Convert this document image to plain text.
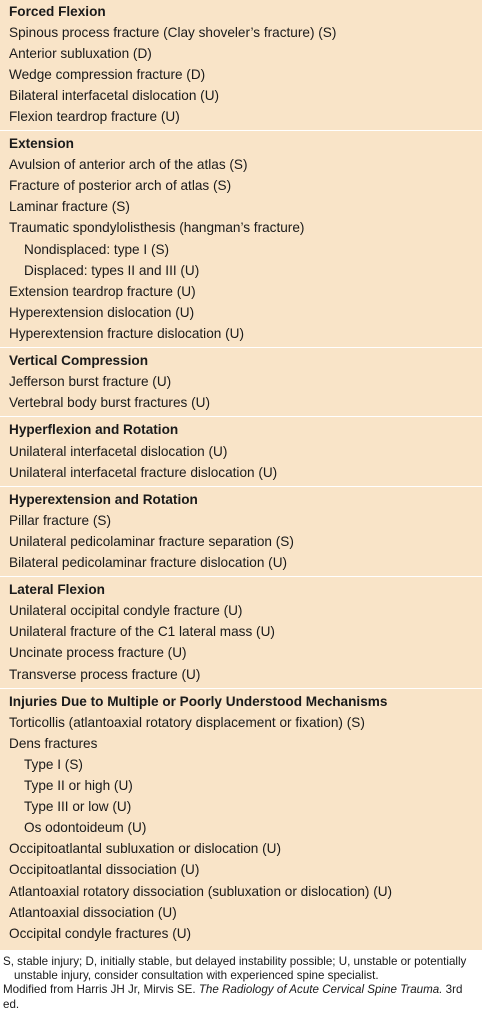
Forced Flexion
Spinous process fracture (Clay shoveler’s fracture) (S)
Anterior subluxation (D)
Wedge compression fracture (D)
Bilateral interfacetal dislocation (U)
Flexion teardrop fracture (U)
Extension
Avulsion of anterior arch of the atlas (S)
Fracture of posterior arch of atlas (S)
Laminar fracture (S)
Traumatic spondylolisthesis (hangman’s fracture)
Nondisplaced: type I (S)
Displaced: types II and III (U)
Extension teardrop fracture (U)
Hyperextension dislocation (U)
Hyperextension fracture dislocation (U)
Vertical Compression
Jefferson burst fracture (U)
Vertebral body burst fractures (U)
Hyperflexion and Rotation
Unilateral interfacetal dislocation (U)
Unilateral interfacetal fracture dislocation (U)
Hyperextension and Rotation
Pillar fracture (S)
Unilateral pedicolaminar fracture separation (S)
Bilateral pedicolaminar fracture dislocation (U)
Lateral Flexion
Unilateral occipital condyle fracture (U)
Unilateral fracture of the C1 lateral mass (U)
Uncinate process fracture (U)
Transverse process fracture (U)
Injuries Due to Multiple or Poorly Understood Mechanisms
Torticollis (atlantoaxial rotatory displacement or fixation) (S)
Dens fractures
Type I (S)
Type II or high (U)
Type III or low (U)
Os odontoideum (U)
Occipitoatlantal subluxation or dislocation (U)
Occipitoatlantal dissociation (U)
Atlantoaxial rotatory dissociation (subluxation or dislocation) (U)
Atlantoaxial dissociation (U)
Occipital condyle fractures (U)
S, stable injury; D, initially stable, but delayed instability possible; U, unstable or potentially
unstable injury, consider consultation with experienced spine specialist.
Modified from Harris JH Jr, Mirvis SE. The Radiology of Acute Cervical Spine Trauma. 3rd ed.
